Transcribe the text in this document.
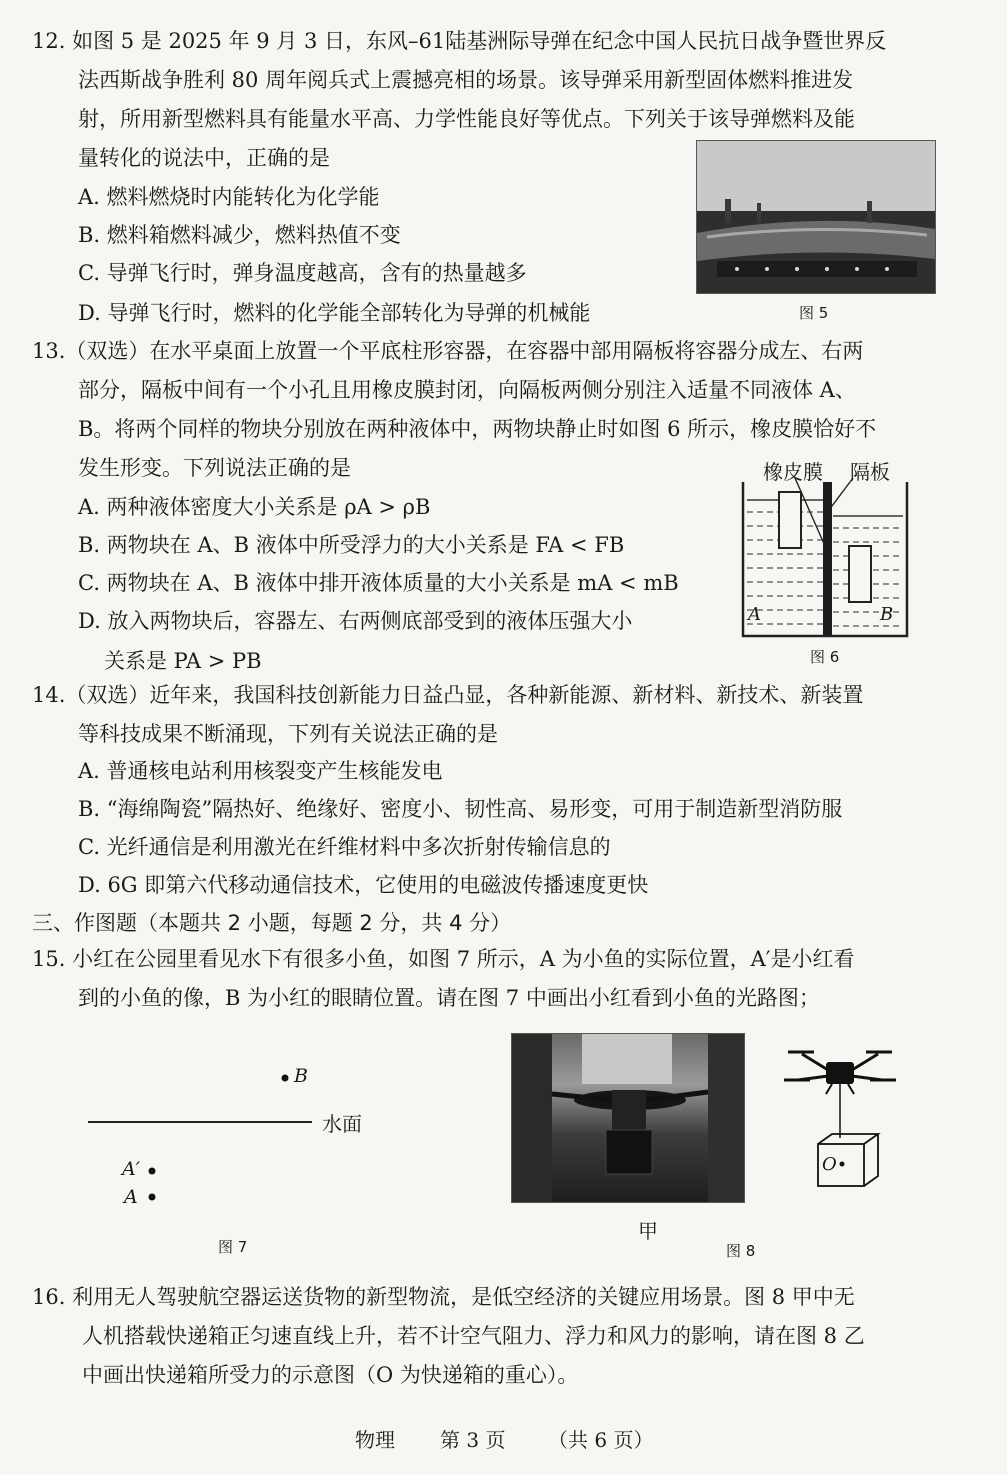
12. 如图 5 是 2025 年 9 月 3 日，东风–61陆基洲际导弹在纪念中国人民抗日战争暨世界反
法西斯战争胜利 80 周年阅兵式上震撼亮相的场景。该导弹采用新型固体燃料推进发
射，所用新型燃料具有能量水平高、力学性能良好等优点。下列关于该导弹燃料及能
量转化的说法中，正确的是
A. 燃料燃烧时内能转化为化学能
B. 燃料箱燃料减少，燃料热值不变
C. 导弹飞行时，弹身温度越高，含有的热量越多
D. 导弹飞行时，燃料的化学能全部转化为导弹的机械能	图 5
13.（双选）在水平桌面上放置一个平底柱形容器，在容器中部用隔板将容器分成左、右两
部分，隔板中间有一个小孔且用橡皮膜封闭，向隔板两侧分别注入适量不同液体 A、
B。将两个同样的物块分别放在两种液体中，两物块静止时如图 6 所示，橡皮膜恰好不
发生形变。下列说法正确的是
A. 两种液体密度大小关系是 ρA > ρB
B. 两物块在 A、B 液体中所受浮力的大小关系是 FA < FB
C. 两物块在 A、B 液体中排开液体质量的大小关系是 mA < mB
D. 放入两物块后，容器左、右两侧底部受到的液体压强大小
关系是 PA > PB
橡皮膜 隔板
A	B
图 6
14.（双选）近年来，我国科技创新能力日益凸显，各种新能源、新材料、新技术、新装置
等科技成果不断涌现，下列有关说法正确的是
A. 普通核电站利用核裂变产生核能发电
B. “海绵陶瓷”隔热好、绝缘好、密度小、韧性高、易形变，可用于制造新型消防服
C. 光纤通信是利用激光在纤维材料中多次折射传输信息的
D. 6G 即第六代移动通信技术，它使用的电磁波传播速度更快
三、作图题（本题共 2 小题，每题 2 分，共 4 分）
15. 小红在公园里看见水下有很多小鱼，如图 7 所示，A 为小鱼的实际位置，A′是小红看
到的小鱼的像，B 为小红的眼睛位置。请在图 7 中画出小红看到小鱼的光路图；
B
水面
A′
A
图 7
甲
O
图 8
16. 利用无人驾驶航空器运送货物的新型物流，是低空经济的关键应用场景。图 8 甲中无
人机搭载快递箱正匀速直线上升，若不计空气阻力、浮力和风力的影响，请在图 8 乙
中画出快递箱所受力的示意图（O 为快递箱的重心）。
物理 第 3 页 （共 6 页）
